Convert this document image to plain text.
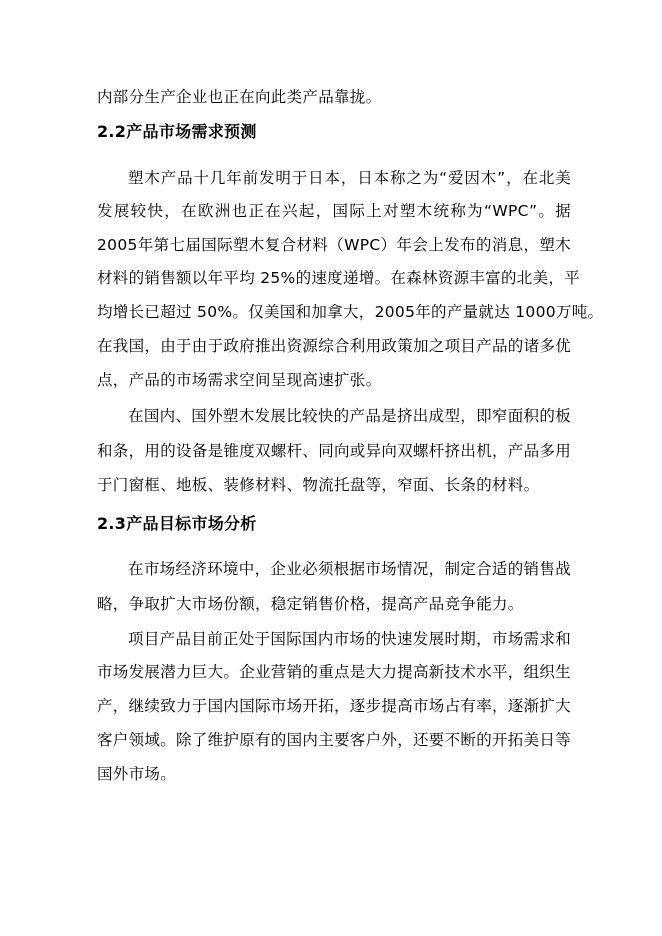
内部分生产企业也正在向此类产品靠拢。
2.2产品市场需求预测
塑木产品十几年前发明于日本，日本称之为“爱因木”，在北美
发展较快，在欧洲也正在兴起，国际上对塑木统称为“WPC”。据
2005年第七届国际塑木复合材料（WPC）年会上发布的消息，塑木
材料的销售额以年平均 25%的速度递增。在森林资源丰富的北美，平
均增长已超过 50%。仅美国和加拿大，2005年的产量就达 1000万吨。
在我国，由于由于政府推出资源综合利用政策加之项目产品的诸多优
点，产品的市场需求空间呈现高速扩张。
在国内、国外塑木发展比较快的产品是挤出成型，即窄面积的板
和条，用的设备是锥度双螺杆、同向或异向双螺杆挤出机，产品多用
于门窗框、地板、装修材料、物流托盘等，窄面、长条的材料。
2.3产品目标市场分析
在市场经济环境中，企业必须根据市场情况，制定合适的销售战
略，争取扩大市场份额，稳定销售价格，提高产品竞争能力。
项目产品目前正处于国际国内市场的快速发展时期，市场需求和
市场发展潜力巨大。企业营销的重点是大力提高新技术水平，组织生
产，继续致力于国内国际市场开拓，逐步提高市场占有率，逐渐扩大
客户领域。除了维护原有的国内主要客户外，还要不断的开拓美日等
国外市场。
